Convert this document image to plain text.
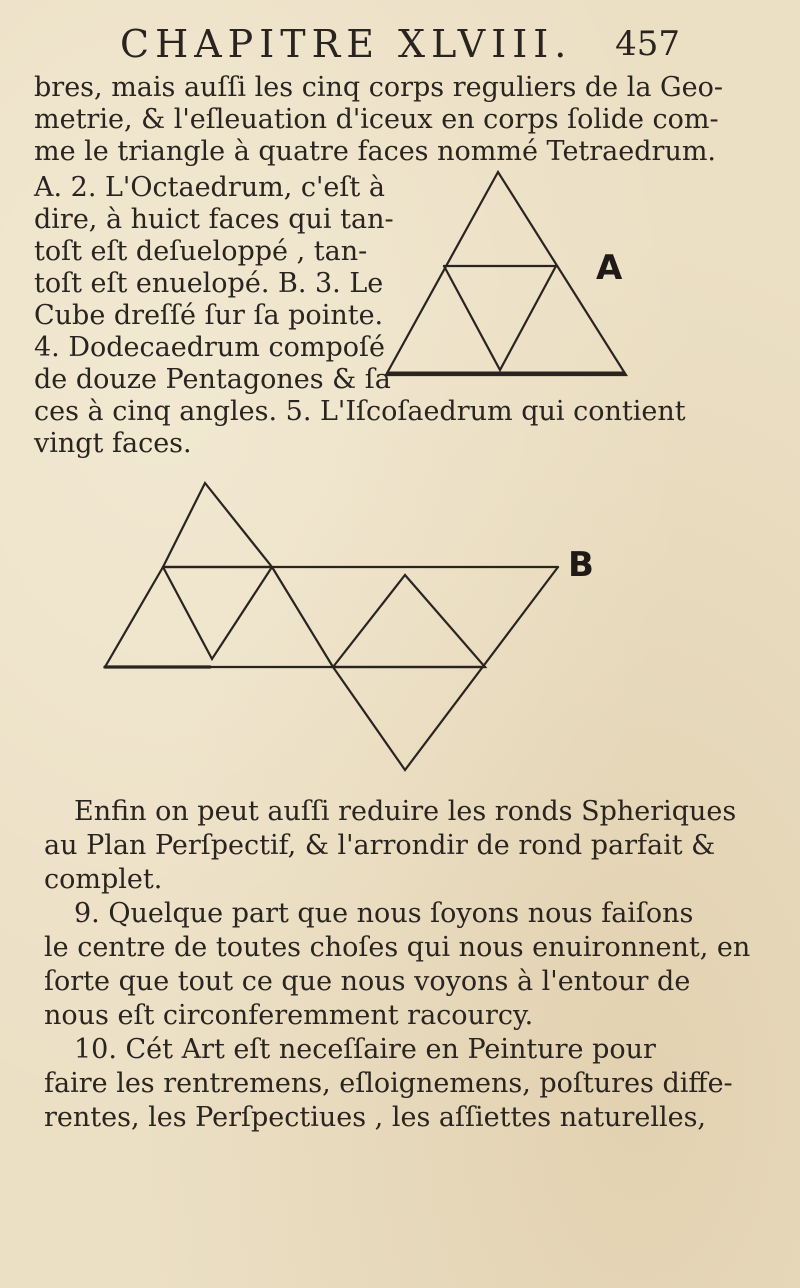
CHAPITRE XLVIII. 457
bres, mais auſſi les cinq corps reguliers de la Geo-
metrie, & l'eſleuation d'iceux en corps ſolide com-
me le triangle à quatre faces nommé Tetraedrum.
A. 2. L'Octaedrum, c'eſt à
dire, à huict faces qui tan-
toſt eſt deſueloppé , tan-
toſt eſt enuelopé. B. 3. Le
Cube dreſſé ſur ſa pointe.
4. Dodecaedrum compoſé
de douze Pentagones & ſa
A
ces à cinq angles. 5. L'Iſcoſaedrum qui contient
vingt faces.
B
Enfin on peut auſſi reduire les ronds Spheriques
au Plan Perſpectif, & l'arrondir de rond parfait &
complet.
9. Quelque part que nous ſoyons nous faiſons
le centre de toutes choſes qui nous enuironnent, en
ſorte que tout ce que nous voyons à l'entour de
nous eſt circonferemment racourcy.
10. Cét Art eſt neceſſaire en Peinture pour
faire les rentremens, eſloignemens, poſtures diffe-
rentes, les Perſpectiues , les aſſiettes naturelles,
